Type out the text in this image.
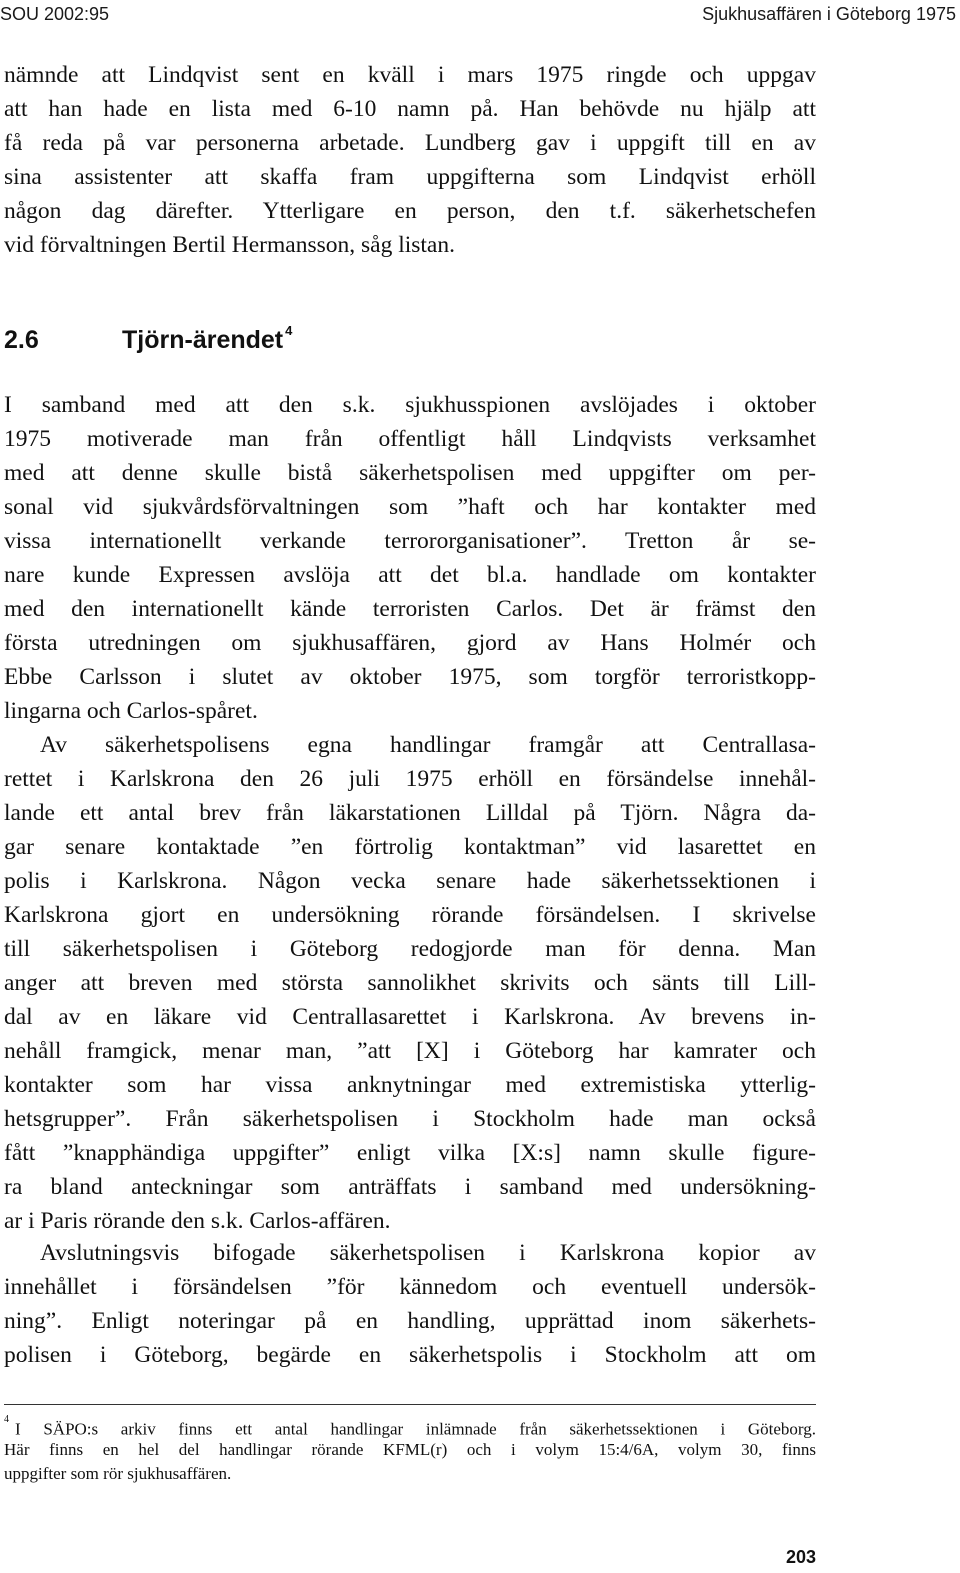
SOU 2002:95	Sjukhusaffären i Göteborg 1975
nämnde att Lindqvist sent en kväll i mars 1975 ringde och uppgav
att han hade en lista med 6-10 namn på. Han behövde nu hjälp att
få reda på var personerna arbetade. Lundberg gav i uppgift till en av
sina assistenter att skaffa fram uppgifterna som Lindqvist erhöll
någon dag därefter. Ytterligare en person, den t.f. säkerhetschefen
vid förvaltningen Bertil Hermansson, såg listan.
2.6	Tjörn-ärendet $^4$
I samband med att den s.k. sjukhusspionen avslöjades i oktober
1975 motiverade man från offentligt håll Lindqvists verksamhet
med att denne skulle bistå säkerhetspolisen med uppgifter om per-
sonal vid sjukvårdsförvaltningen som ”haft och har kontakter med
vissa internationellt verkande terrororganisationer”. Tretton år se-
nare kunde Expressen avslöja att det bl.a. handlade om kontakter
med den internationellt kände terroristen Carlos. Det är främst den
första utredningen om sjukhusaffären, gjord av Hans Holmér och
Ebbe Carlsson i slutet av oktober 1975, som torgför terroristkopp-
lingarna och Carlos-spåret.
Av säkerhetspolisens egna handlingar framgår att Centrallasa-
rettet i Karlskrona den 26 juli 1975 erhöll en försändelse innehål-
lande ett antal brev från läkarstationen Lilldal på Tjörn. Några da-
gar senare kontaktade ”en förtrolig kontaktman” vid lasarettet en
polis i Karlskrona. Någon vecka senare hade säkerhetssektionen i
Karlskrona gjort en undersökning rörande försändelsen. I skrivelse
till säkerhetspolisen i Göteborg redogjorde man för denna. Man
anger att breven med största sannolikhet skrivits och sänts till Lill-
dal av en läkare vid Centrallasarettet i Karlskrona. Av brevens in-
nehåll framgick, menar man, ”att [X] i Göteborg har kamrater och
kontakter som har vissa anknytningar med extremistiska ytterlig-
hetsgrupper”. Från säkerhetspolisen i Stockholm hade man också
fått ”knapphändiga uppgifter” enligt vilka [X:s] namn skulle figure-
ra bland anteckningar som anträffats i samband med undersökning-
ar i Paris rörande den s.k. Carlos-affären.
Avslutningsvis bifogade säkerhetspolisen i Karlskrona kopior av
innehållet i försändelsen ”för kännedom och eventuell undersök-
ning”. Enligt noteringar på en handling, upprättad inom säkerhets-
polisen i Göteborg, begärde en säkerhetspolis i Stockholm att om
$^4$I SÄPO:s arkiv finns ett antal handlingar inlämnade från säkerhetssektionen i Göteborg.
Här finns en hel del handlingar rörande KFML(r) och i volym 15:4/6A, volym 30, finns
uppgifter som rör sjukhusaffären.
203
